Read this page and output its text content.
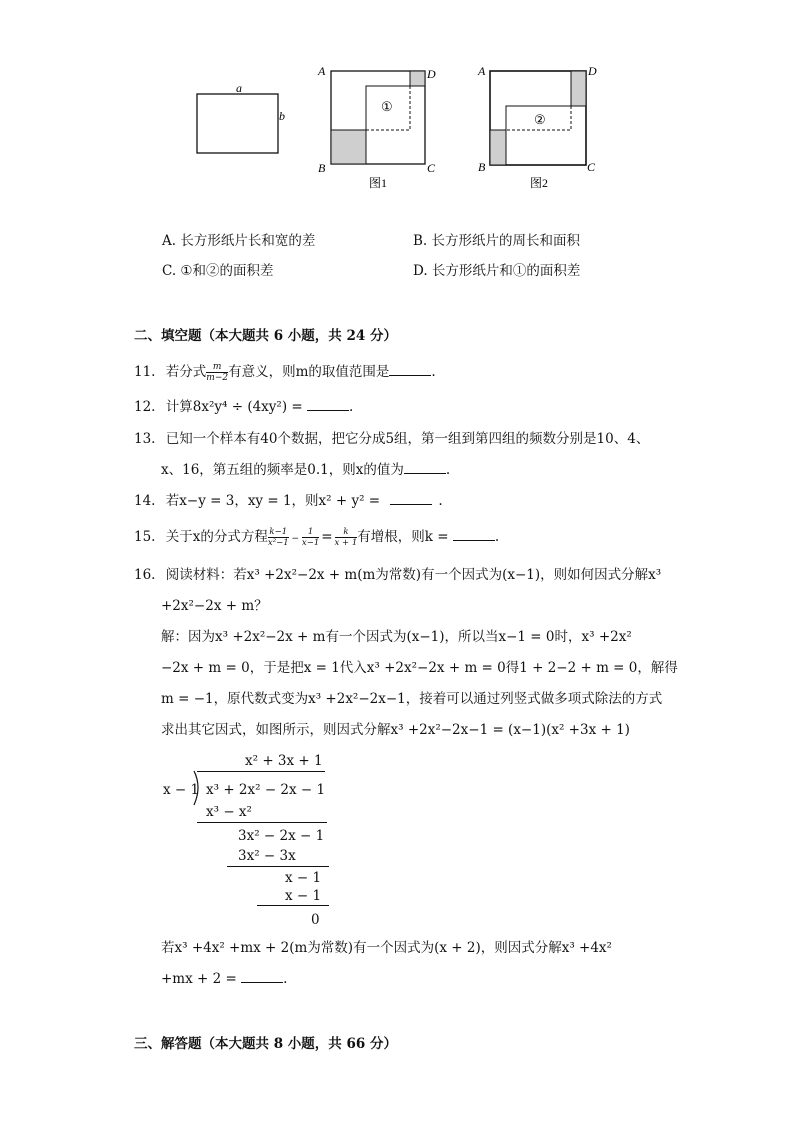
a
b
①
A	D
B	C
图1
②
A	D
B	C
图2
A. 长方形纸片长和宽的差	B. 长方形纸片的周长和面积
C. ①和②的面积差	D. 长方形纸片和①的面积差
二、填空题（本大题共 6 小题，共 24 分）
11. 若分式 $\frac{m}{m-2}$ 有意义，则m的取值范围是	.
12. 计算8x²y⁴ ÷ (4xy²) =	.
13. 已知一个样本有40个数据，把它分成5组，第一组到第四组的频数分别是10、4、
x、16，第五组的频率是0.1，则x的值为	.
14. 若x−y = 3，xy = 1，则x² + y² =	.
15. 关于x的分式方程 $\frac{k-1}{\text{x²−1}} - \frac{1}{x-1} = \frac{k}{x + 1}$ 有增根，则k =	.
16. 阅读材料：若x³ +2x²−2x + m(m为常数)有一个因式为(x−1)，则如何因式分解x³
+2x²−2x + m？
解：因为x³ +2x²−2x + m有一个因式为(x−1)，所以当x−1 = 0时，x³ +2x²
−2x + m = 0，于是把x = 1代入x³ +2x²−2x + m = 0得1 + 2−2 + m = 0，解得
m = −1，原代数式变为x³ +2x²−2x−1，接着可以通过列竖式做多项式除法的方式
求出其它因式，如图所示，则因式分解x³ +2x²−2x−1 = (x−1)(x² +3x + 1)
x² + 3x + 1
x − 1 x³ + 2x² − 2x − 1
x³ − x²
3x² − 2x − 1
3x² − 3x
x − 1
x − 1
0
若x³ +4x² +mx + 2(m为常数)有一个因式为(x + 2)，则因式分解x³ +4x²
+mx + 2 =	.
三、解答题（本大题共 8 小题，共 66 分）
